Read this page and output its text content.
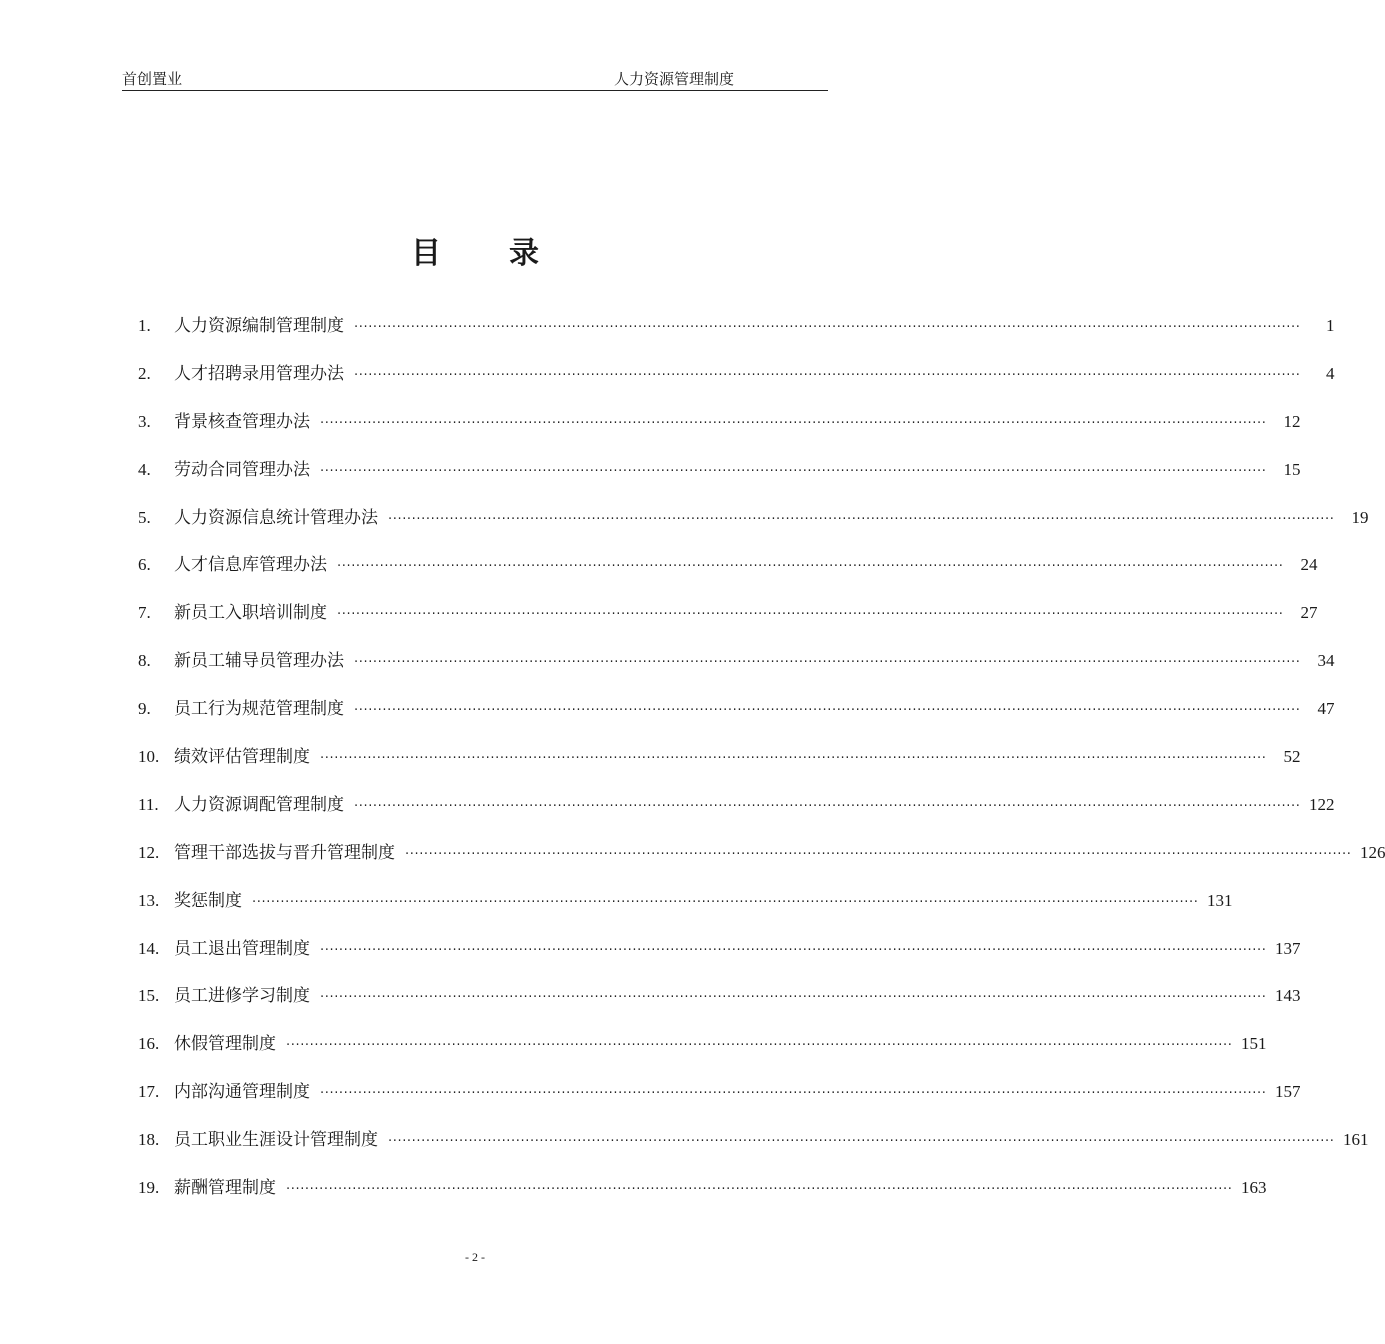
首创置业	人力资源管理制度
目录
1.	人力资源编制管理制度 ········································································································································································································	1
2.	人才招聘录用管理办法 ········································································································································································································	4
3.	背景核查管理办法 ········································································································································································································	12
4.	劳动合同管理办法 ········································································································································································································	15
5.	人力资源信息统计管理办法 ········································································································································································································	19
6.	人才信息库管理办法 ········································································································································································································	24
7.	新员工入职培训制度 ········································································································································································································	27
8.	新员工辅导员管理办法 ········································································································································································································	34
9.	员工行为规范管理制度 ········································································································································································································	47
10. 绩效评估管理制度 ········································································································································································································	52
11. 人力资源调配管理制度 ········································································································································································································ 122
12. 管理干部选拔与晋升管理制度 ········································································································································································································ 126
13. 奖惩制度 ········································································································································································································ 131
14. 员工退出管理制度 ········································································································································································································ 137
15. 员工进修学习制度 ········································································································································································································ 143
16. 休假管理制度 ········································································································································································································ 151
17. 内部沟通管理制度 ········································································································································································································ 157
18. 员工职业生涯设计管理制度 ········································································································································································································ 161
19. 薪酬管理制度 ········································································································································································································ 163
- 2 -
